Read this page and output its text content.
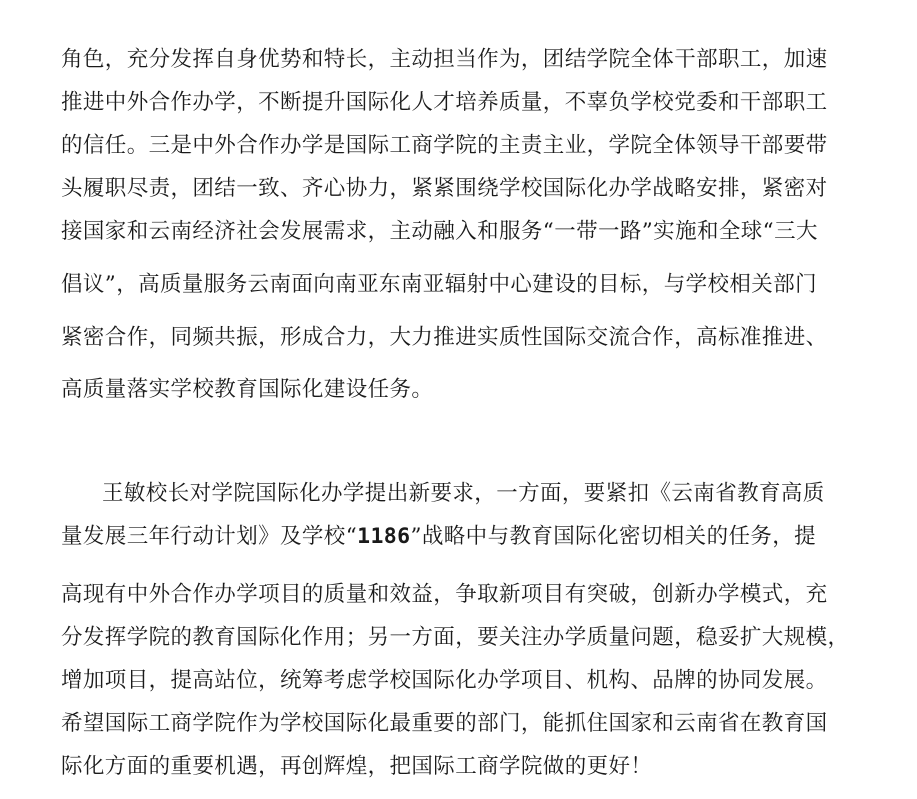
角色，充分发挥自身优势和特长，主动担当作为，团结学院全体干部职工，加速
推进中外合作办学，不断提升国际化人才培养质量，不辜负学校党委和干部职工
的信任。三是中外合作办学是国际工商学院的主责主业，学院全体领导干部要带
头履职尽责，团结一致、齐心协力，紧紧围绕学校国际化办学战略安排，紧密对
接国家和云南经济社会发展需求，主动融入和服务“一带一路”实施和全球“三大
倡议”，高质量服务云南面向南亚东南亚辐射中心建设的目标，与学校相关部门
紧密合作，同频共振，形成合力，大力推进实质性国际交流合作，高标准推进、
高质量落实学校教育国际化建设任务。
王敏校长对学院国际化办学提出新要求，一方面，要紧扣《云南省教育高质
量发展三年行动计划》及学校“1186”战略中与教育国际化密切相关的任务，提
高现有中外合作办学项目的质量和效益，争取新项目有突破，创新办学模式，充
分发挥学院的教育国际化作用；另一方面，要关注办学质量问题，稳妥扩大规模，
增加项目，提高站位，统筹考虑学校国际化办学项目、机构、品牌的协同发展。
希望国际工商学院作为学校国际化最重要的部门，能抓住国家和云南省在教育国
际化方面的重要机遇，再创辉煌，把国际工商学院做的更好！
